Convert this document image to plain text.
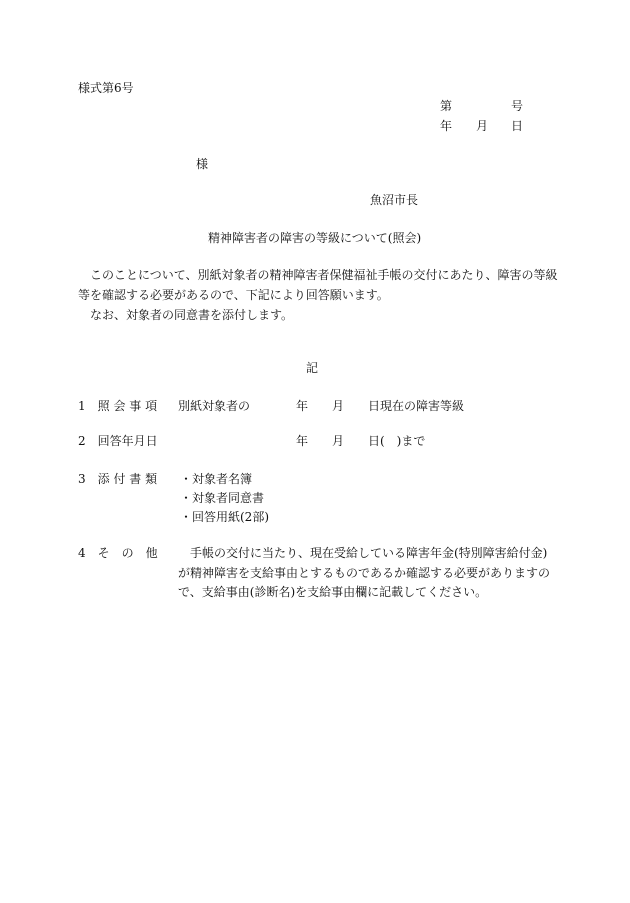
様式第6号
第	号
年 月 日
様
魚沼市長
精神障害者の障害の等級について(照会)
このことについて、別紙対象者の精神障害者保健福祉手帳の交付にあたり、障害の等級
等を確認する必要があるので、下記により回答願います。
なお、対象者の同意書を添付します。
記
1　照 会 事 項 別紙対象者の	年 月 日現在の障害等級
2　回答年月日	年 月 日(　)まで
3　添 付 書 類 ・対象者名簿
・対象者同意書
・回答用紙(2部)
4　そ　の　他	手帳の交付に当たり、現在受給している障害年金(特別障害給付金)
が精神障害を支給事由とするものであるか確認する必要がありますの
で、支給事由(診断名)を支給事由欄に記載してください。
